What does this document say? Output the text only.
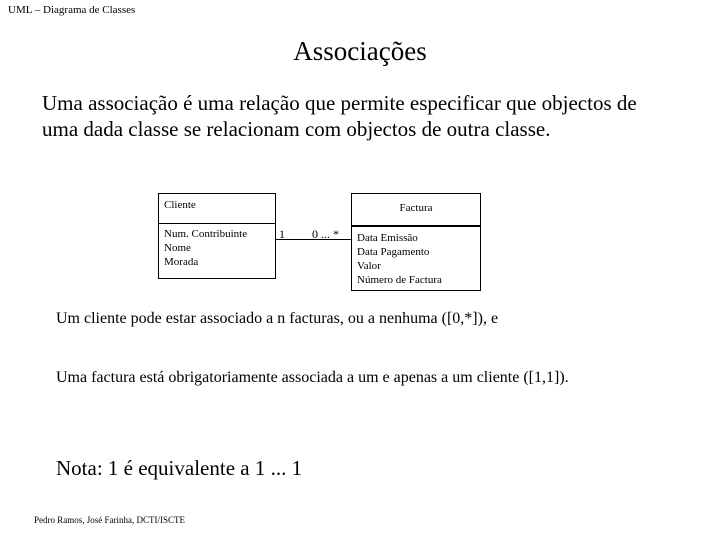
UML – Diagrama de Classes
Associações
Uma associação é uma relação que permite especificar que objectos de uma dada classe se relacionam com objectos de outra classe.
Cliente
Num. Contribuinte
Nome
Morada
1 0 ... *
Factura
Data Emissão
Data Pagamento
Valor
Número de Factura
Um cliente pode estar associado a n facturas, ou a nenhuma ([0,*]), e
Uma factura está obrigatoriamente associada a um e apenas a um cliente ([1,1]).
Nota: 1 é equivalente a 1 ... 1
Pedro Ramos, José Farinha, DCTI/ISCTE
